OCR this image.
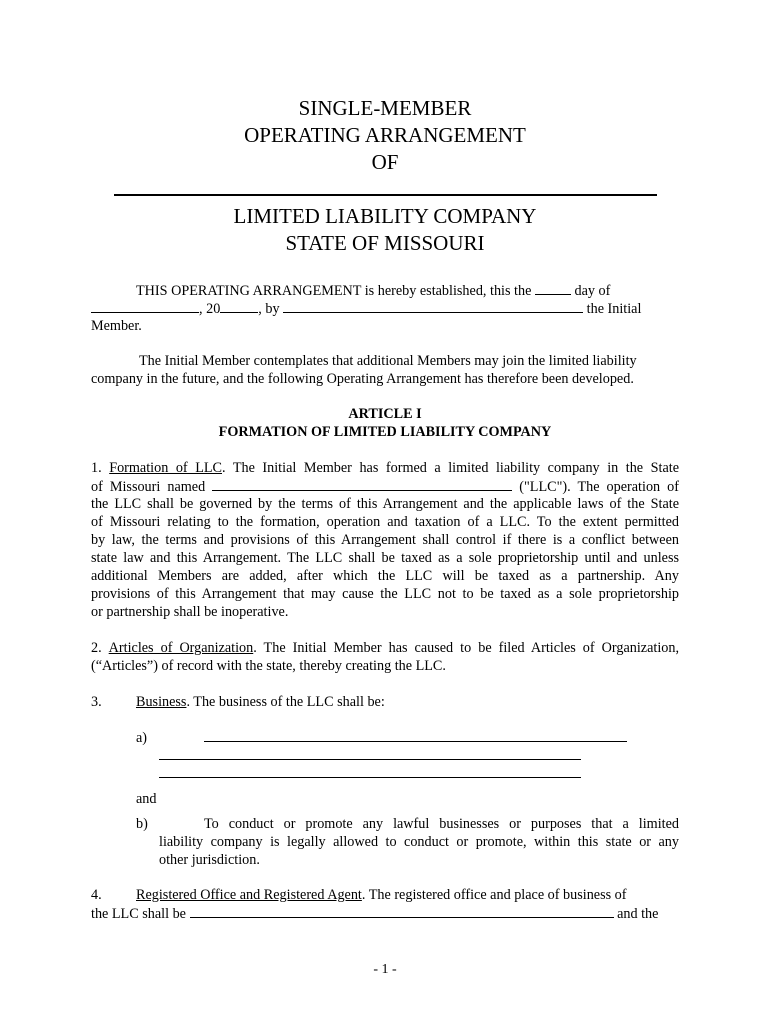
SINGLE-MEMBER
OPERATING ARRANGEMENT
OF
LIMITED LIABILITY COMPANY
STATE OF MISSOURI
THIS OPERATING ARRANGEMENT is hereby established, this the	day of
, 20	, by	the Initial
Member.
The Initial Member contemplates that additional Members may join the limited liability
company in the future, and the following Operating Arrangement has therefore been developed.
ARTICLE I
FORMATION OF LIMITED LIABILITY COMPANY
1. Formation of LLC. The Initial Member has formed a limited liability company in the State
of Missouri named	("LLC"). The operation of
the LLC shall be governed by the terms of this Arrangement and the applicable laws of the State
of Missouri relating to the formation, operation and taxation of a LLC. To the extent permitted
by law, the terms and provisions of this Arrangement shall control if there is a conflict between
state law and this Arrangement. The LLC shall be taxed as a sole proprietorship until and unless
additional Members are added, after which the LLC will be taxed as a partnership. Any
provisions of this Arrangement that may cause the LLC not to be taxed as a sole proprietorship
or partnership shall be inoperative.
2. Articles of Organization. The Initial Member has caused to be filed Articles of Organization,
(“Articles”) of record with the state, thereby creating the LLC.
3. Business. The business of the LLC shall be:
a)
and
b)	To conduct or promote any lawful businesses or purposes that a limited
liability company is legally allowed to conduct or promote, within this state or any
other jurisdiction.
4. Registered Office and Registered Agent. The registered office and place of business of
the LLC shall be	and the
- 1 -
